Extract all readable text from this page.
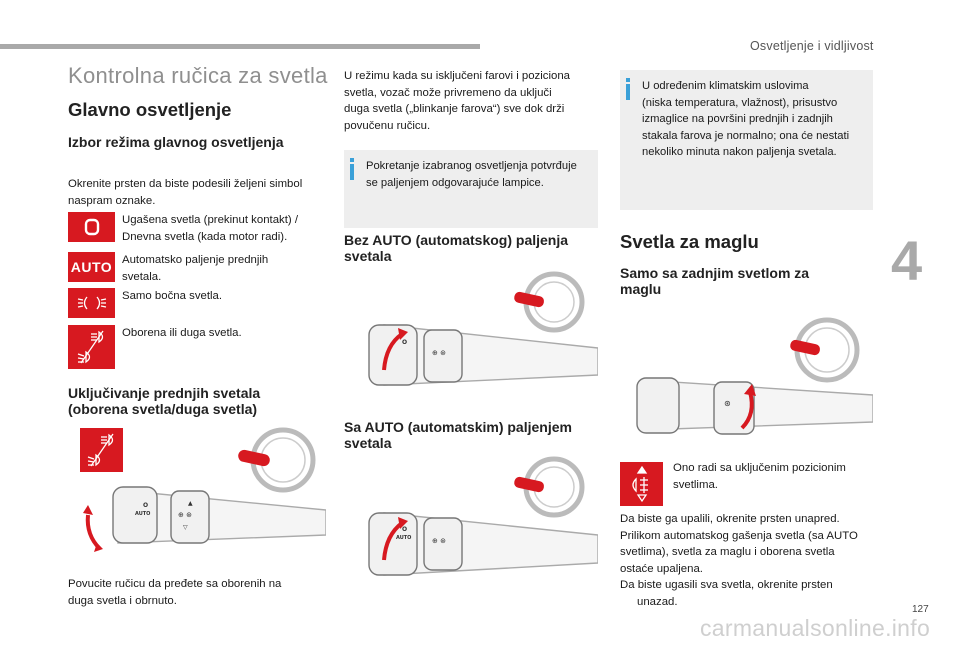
Osvetljenje i vidljivost
4
Kontrolna ručica za svetla
Glavno osvetljenje
Izbor režima glavnog osvetljenja
Okrenite prsten da biste podesili željeni simbol
naspram oznake.
Ugašena svetla (prekinut kontakt) /
Dnevna svetla (kada motor radi).
AUTO Automatsko paljenje prednjih
svetala.
Samo bočna svetla.
Oborena ili duga svetla.
Uključivanje prednjih svetala
(oborena svetla/duga svetla)
O
AUTO	⊕ ⊛
▲
▽
Povucite ručicu da pređete sa oborenih na
duga svetla i obrnuto.
U režimu kada su isključeni farovi i poziciona
svetla, vozač može privremeno da uključi
duga svetla („blinkanje farova“) sve dok drži
povučenu ručicu.
Pokretanje izabranog osvetljenja potvrđuje
se paljenjem odgovarajuće lampice.
Bez AUTO (automatskog) paljenja
svetala
O
⊕ ⊛
Sa AUTO (automatskim) paljenjem
svetala
O
AUTO	⊕ ⊛
U određenim klimatskim uslovima
(niska temperatura, vlažnost), prisustvo
izmaglice na površini prednjih i zadnjih
stakala farova je normalno; ona će nestati
nekoliko minuta nakon paljenja svetala.
Svetla za maglu
Samo sa zadnjim svetlom za
maglu
⊛
Ono radi sa uključenim pozicionim
svetlima.
Da biste ga upalili, okrenite prsten unapred.
Prilikom automatskog gašenja svetla (sa AUTO
svetlima), svetla za maglu i oborena svetla
ostaće upaljena.
Da biste ugasili sva svetla, okrenite prsten
unazad.
127
carmanualsonline.info
